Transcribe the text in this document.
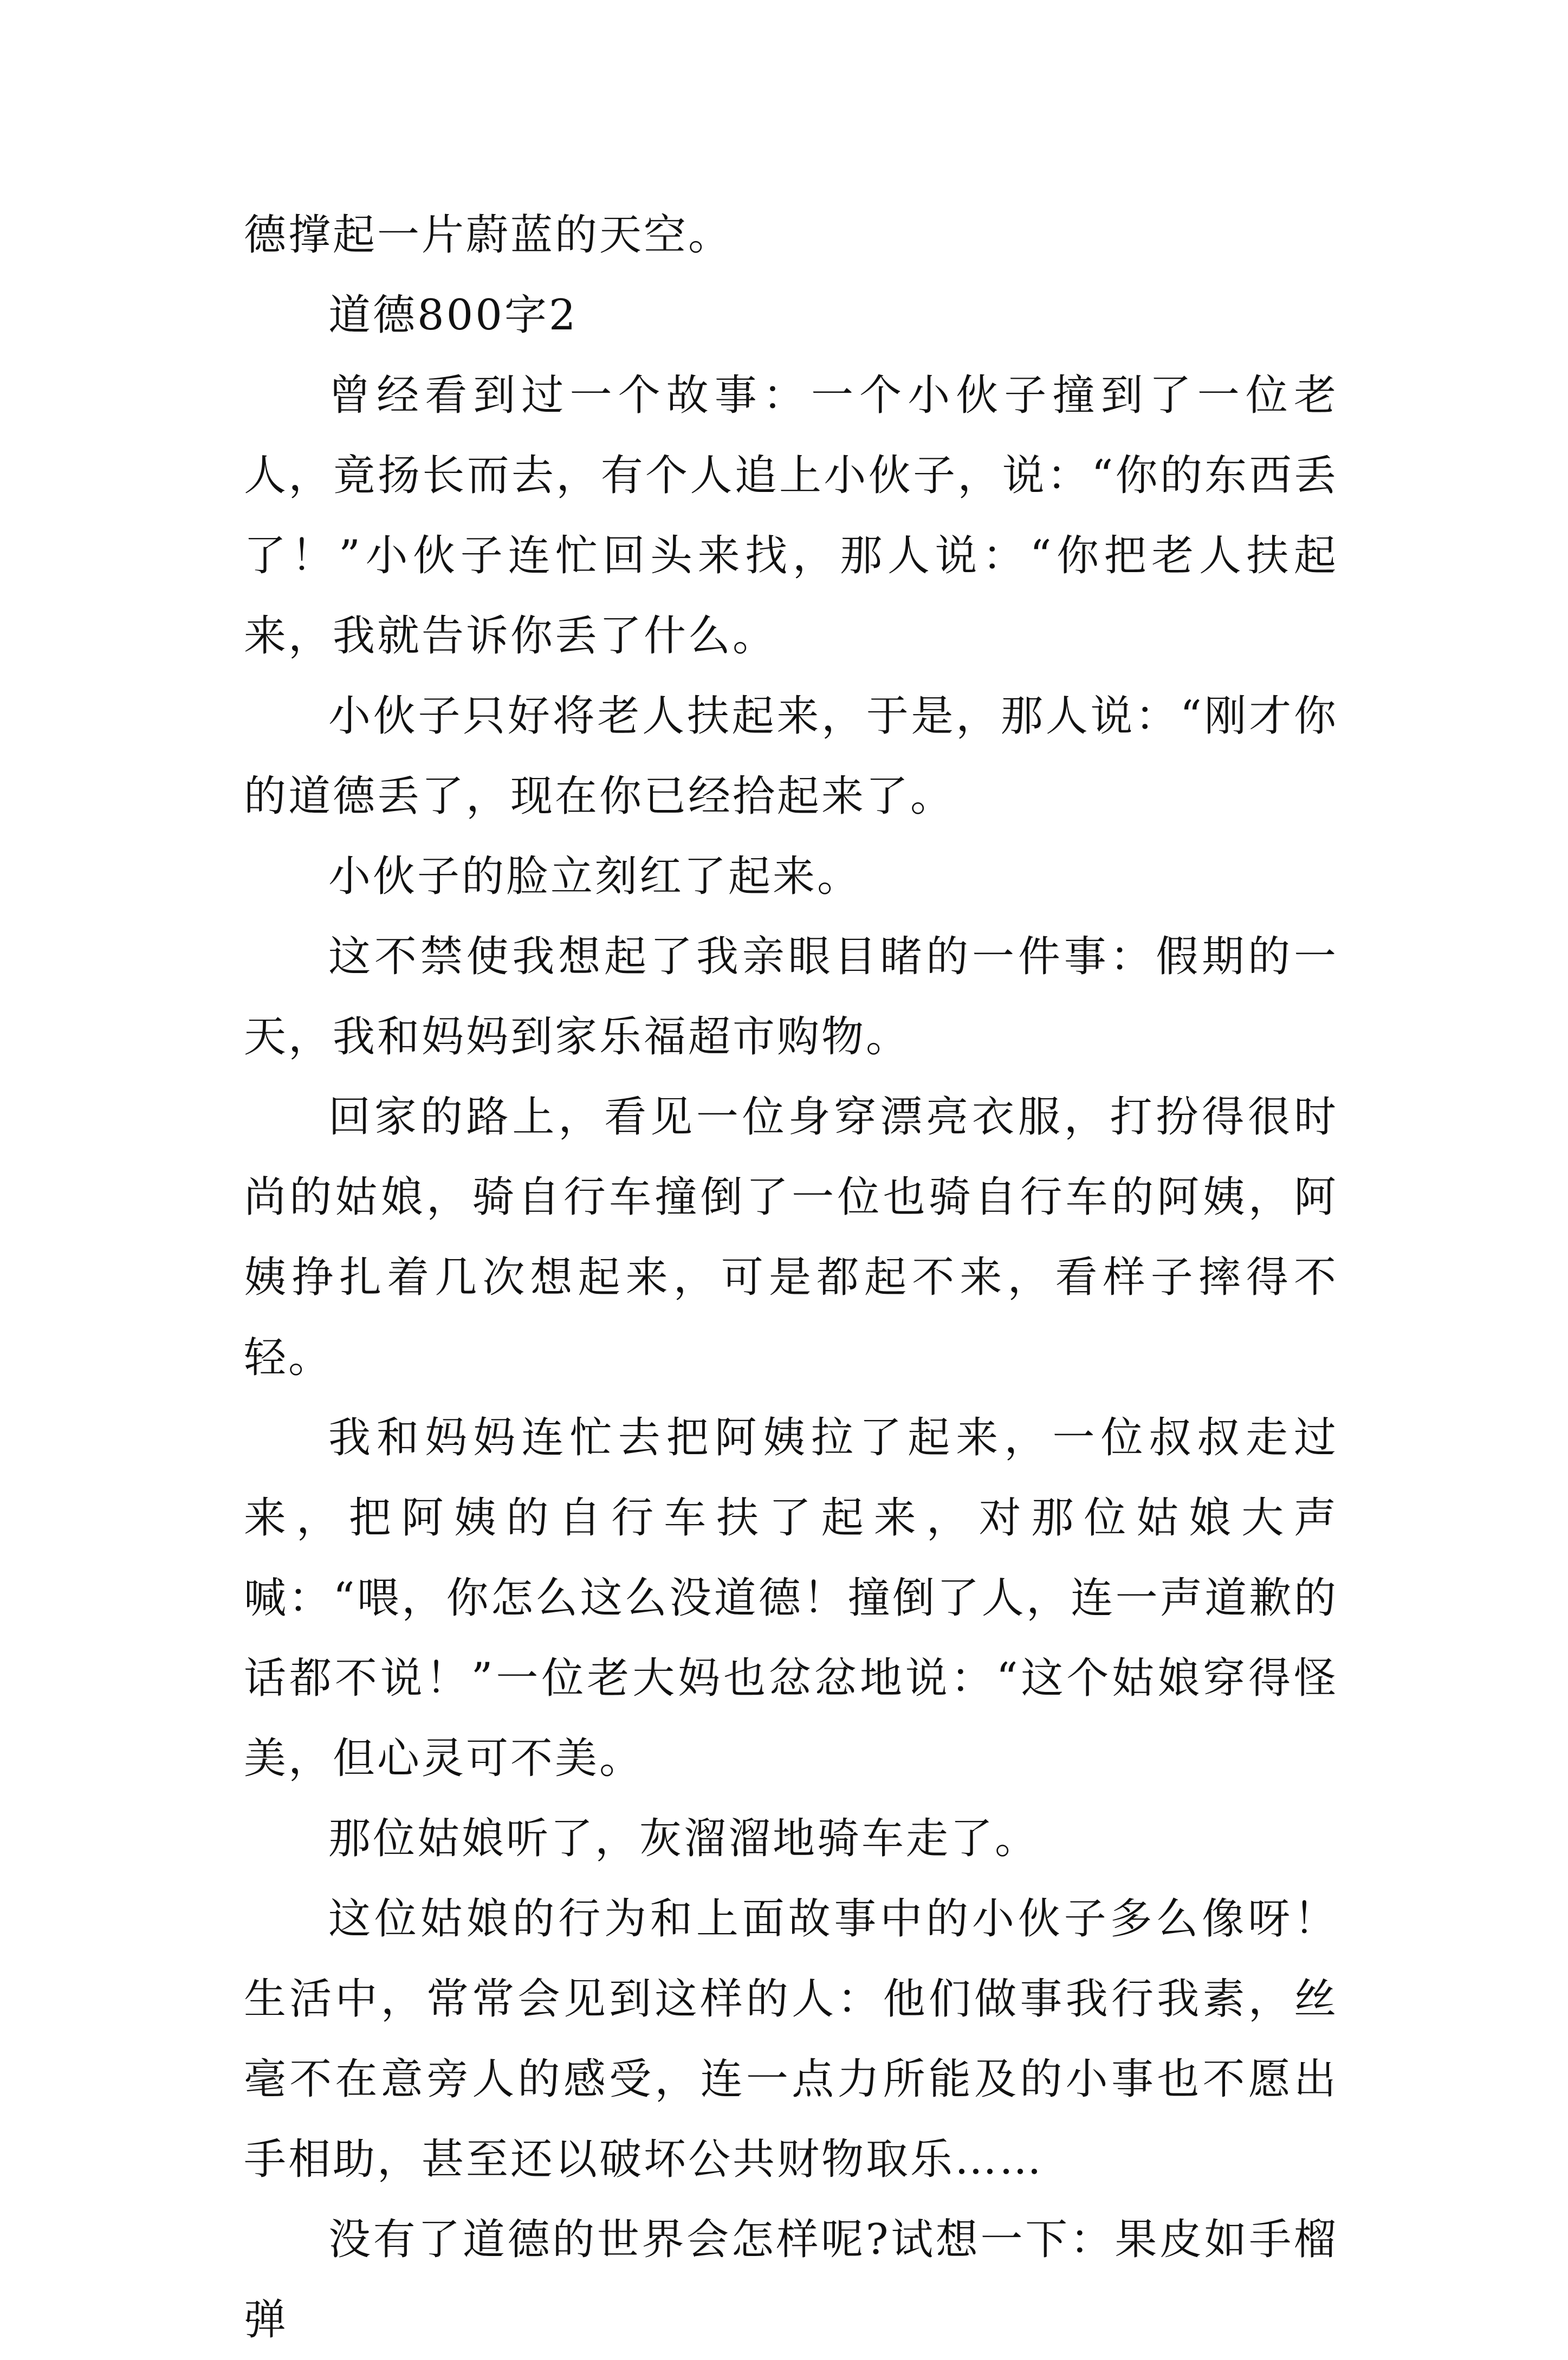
德撑起一片蔚蓝的天空。

道德800字2

曾经看到过一个故事：一个小伙子撞到了一位老人，竟扬长而去，有个人追上小伙子，说：“你的东西丢了！”小伙子连忙回头来找，那人说：“你把老人扶起来，我就告诉你丢了什么。

小伙子只好将老人扶起来，于是，那人说：“刚才你的道德丢了，现在你已经拾起来了。

小伙子的脸立刻红了起来。

这不禁使我想起了我亲眼目睹的一件事：假期的一天，我和妈妈到家乐福超市购物。

回家的路上，看见一位身穿漂亮衣服，打扮得很时尚的姑娘，骑自行车撞倒了一位也骑自行车的阿姨，阿姨挣扎着几次想起来，可是都起不来，看样子摔得不轻。

我和妈妈连忙去把阿姨拉了起来，一位叔叔走过来，把阿姨的自行车扶了起来，对那位姑娘大声喊：“喂，你怎么这么没道德！撞倒了人，连一声道歉的话都不说！”一位老大妈也忿忿地说：“这个姑娘穿得怪美，但心灵可不美。

那位姑娘听了，灰溜溜地骑车走了。

这位姑娘的行为和上面故事中的小伙子多么像呀！生活中，常常会见到这样的人：他们做事我行我素，丝毫不在意旁人的感受，连一点力所能及的小事也不愿出手相助，甚至还以破坏公共财物取乐……

没有了道德的世界会怎样呢?试想一下：果皮如手榴弹
